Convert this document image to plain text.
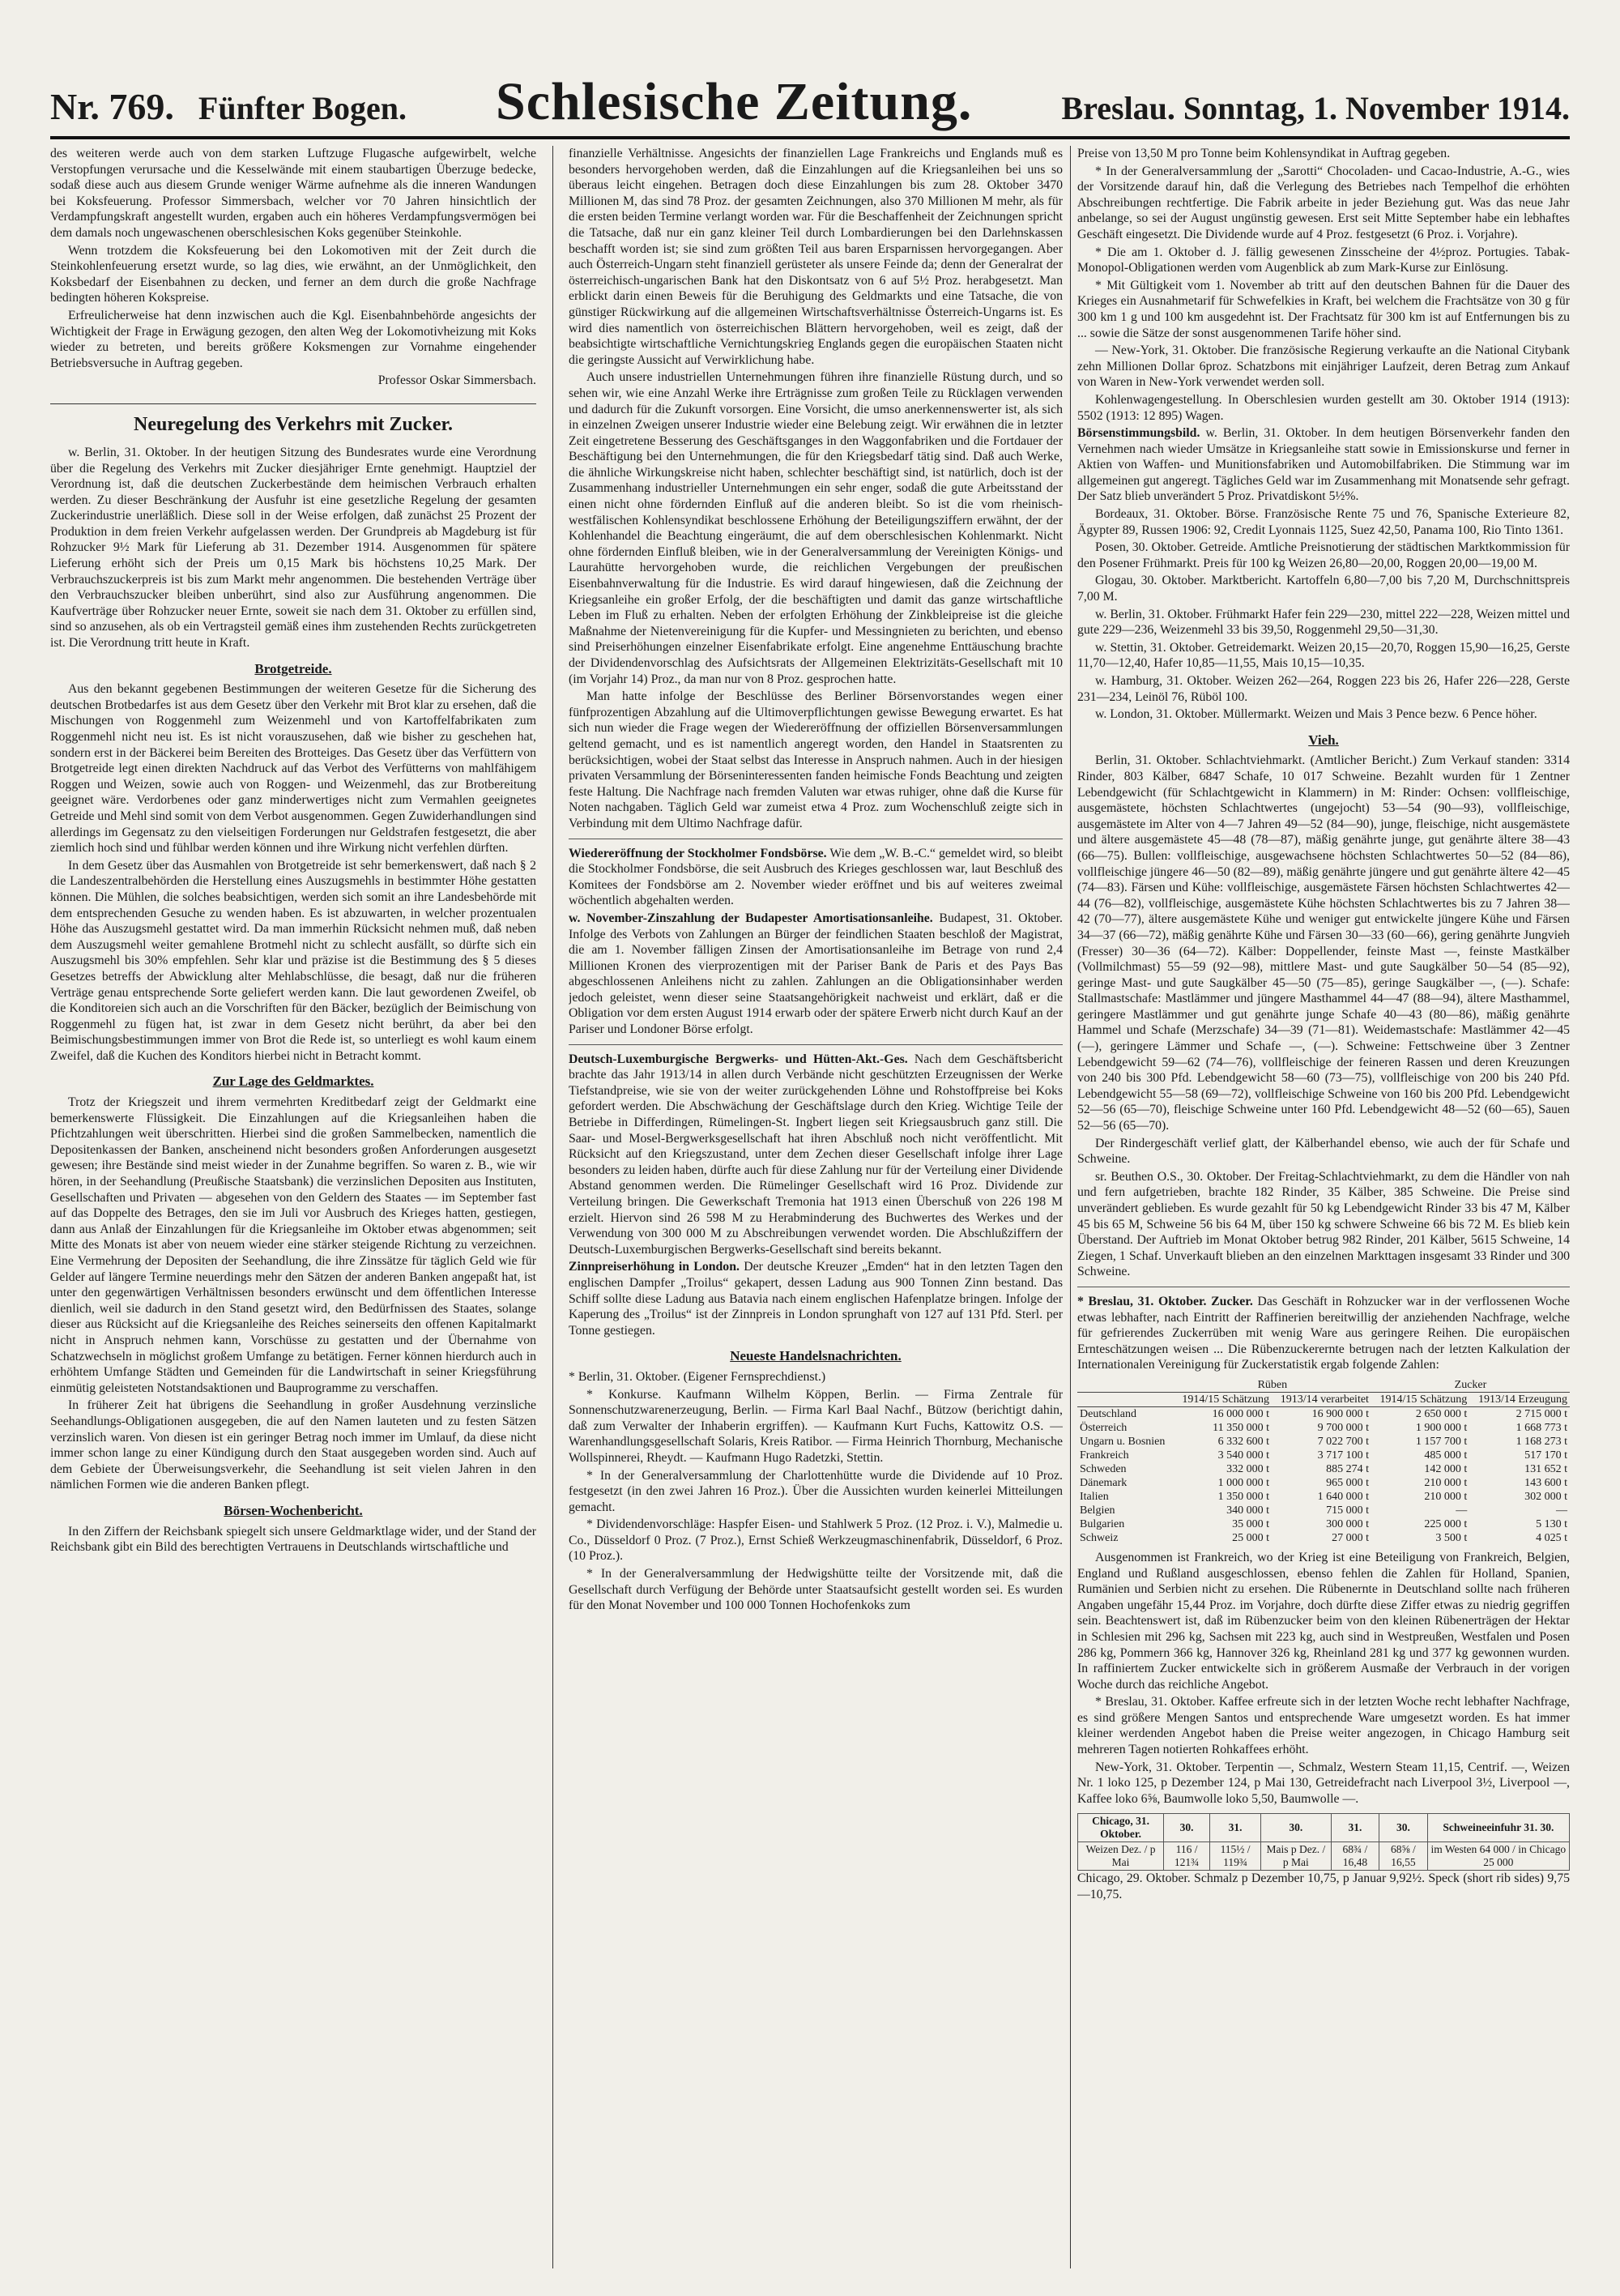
Nr. 769. Fünfter Bogen. Schlesische Zeitung.	Breslau. Sonntag, 1. November 1914.

des weiteren werde auch von dem starken Luftzuge Flugasche aufgewirbelt, welche Verstopfungen verursache und die Kesselwände mit einem staubartigen Überzuge bedecke, sodaß diese auch aus diesem Grunde weniger Wärme aufnehme als die inneren Wandungen bei Koksfeuerung. Professor Simmersbach, welcher vor 70 Jahren hinsichtlich der Verdampfungskraft angestellt wurden, ergaben auch ein höheres Verdampfungsvermögen bei dem damals noch ungewaschenen oberschlesischen Koks gegenüber Steinkohle.

Wenn trotzdem die Koksfeuerung bei den Lokomotiven mit der Zeit durch die Steinkohlenfeuerung ersetzt wurde, so lag dies, wie erwähnt, an der Unmöglichkeit, den Koksbedarf der Eisenbahnen zu decken, und ferner an dem durch die große Nachfrage bedingten höheren Kokspreise.

Erfreulicherweise hat denn inzwischen auch die Kgl. Eisenbahnbehörde angesichts der Wichtigkeit der Frage in Erwägung gezogen, den alten Weg der Lokomotivheizung mit Koks wieder zu betreten, und bereits größere Koksmengen zur Vornahme eingehender Betriebsversuche in Auftrag gegeben.

Professor Oskar Simmersbach.
Neuregelung des Verkehrs mit Zucker.

w. Berlin, 31. Oktober. In der heutigen Sitzung des Bundesrates wurde eine Verordnung über die Regelung des Verkehrs mit Zucker diesjähriger Ernte genehmigt. Hauptziel der Verordnung ist, daß die deutschen Zuckerbestände dem heimischen Verbrauch erhalten werden. Zu dieser Beschränkung der Ausfuhr ist eine gesetzliche Regelung der gesamten Zuckerindustrie unerläßlich. Diese soll in der Weise erfolgen, daß zunächst 25 Prozent der Produktion in dem freien Verkehr aufgelassen werden. Der Grundpreis ab Magdeburg ist für Rohzucker 9½ Mark für Lieferung ab 31. Dezember 1914. Ausgenommen für spätere Lieferung erhöht sich der Preis um 0,15 Mark bis höchstens 10,25 Mark. Der Verbrauchszuckerpreis ist bis zum Markt mehr angenommen. Die bestehenden Verträge über den Verbrauchszucker bleiben unberührt, sind also zur Ausführung angenommen. Die Kaufverträge über Rohzucker neuer Ernte, soweit sie nach dem 31. Oktober zu erfüllen sind, sind so anzusehen, als ob ein Vertragsteil gemäß eines ihm zustehenden Rechts zurückgetreten ist. Die Verordnung tritt heute in Kraft.

Brotgetreide.

Aus den bekannt gegebenen Bestimmungen der weiteren Gesetze für die Sicherung des deutschen Brotbedarfes ist aus dem Gesetz über den Verkehr mit Brot klar zu ersehen, daß die Mischungen von Roggenmehl zum Weizenmehl und von Kartoffelfabrikaten zum Roggenmehl nicht neu ist. Es ist nicht vorauszusehen, daß wie bisher zu geschehen hat, sondern erst in der Bäckerei beim Bereiten des Brotteiges. Das Gesetz über das Verfüttern von Brotgetreide legt einen direkten Nachdruck auf das Verbot des Verfütterns von mahlfähigem Roggen und Weizen, sowie auch von Roggen- und Weizenmehl, das zur Brotbereitung geeignet wäre. Verdorbenes oder ganz minderwertiges nicht zum Vermahlen geeignetes Getreide und Mehl sind somit von dem Verbot ausgenommen. Gegen Zuwiderhandlungen sind allerdings im Gegensatz zu den vielseitigen Forderungen nur Geldstrafen festgesetzt, die aber ziemlich hoch sind und fühlbar werden können und ihre Wirkung nicht verfehlen dürften.

In dem Gesetz über das Ausmahlen von Brotgetreide ist sehr bemerkenswert, daß nach § 2 die Landeszentralbehörden die Herstellung eines Auszugsmehls in bestimmter Höhe gestatten können. Die Mühlen, die solches beabsichtigen, werden sich somit an ihre Landesbehörde mit dem entsprechenden Gesuche zu wenden haben. Es ist abzuwarten, in welcher prozentualen Höhe das Auszugsmehl gestattet wird. Da man immerhin Rücksicht nehmen muß, daß neben dem Auszugsmehl weiter gemahlene Brotmehl nicht zu schlecht ausfällt, so dürfte sich ein Auszugsmehl bis 30% empfehlen. Sehr klar und präzise ist die Bestimmung des § 5 dieses Gesetzes betreffs der Abwicklung alter Mehlabschlüsse, die besagt, daß nur die früheren Verträge genau entsprechende Sorte geliefert werden kann. Die laut gewordenen Zweifel, ob die Konditoreien sich auch an die Vorschriften für den Bäcker, bezüglich der Beimischung von Roggenmehl zu fügen hat, ist zwar in dem Gesetz nicht berührt, da aber bei den Beimischungsbestimmungen immer von Brot die Rede ist, so unterliegt es wohl kaum einem Zweifel, daß die Kuchen des Konditors hierbei nicht in Betracht kommt.

Zur Lage des Geldmarktes.

Trotz der Kriegszeit und ihrem vermehrten Kreditbedarf zeigt der Geldmarkt eine bemerkenswerte Flüssigkeit. Die Einzahlungen auf die Kriegsanleihen haben die Pfichtzahlungen weit überschritten. Hierbei sind die großen Sammelbecken, namentlich die Depositenkassen der Banken, anscheinend nicht besonders großen Anforderungen ausgesetzt gewesen; ihre Bestände sind meist wieder in der Zunahme begriffen. So waren z. B., wie wir hören, in der Seehandlung (Preußische Staatsbank) die verzinslichen Depositen aus Instituten, Gesellschaften und Privaten — abgesehen von den Geldern des Staates — im September fast auf das Doppelte des Betrages, den sie im Juli vor Ausbruch des Krieges hatten, gestiegen, dann aus Anlaß der Einzahlungen für die Kriegsanleihe im Oktober etwas abgenommen; seit Mitte des Monats ist aber von neuem wieder eine stärker steigende Richtung zu verzeichnen. Eine Vermehrung der Depositen der Seehandlung, die ihre Zinssätze für täglich Geld wie für Gelder auf längere Termine neuerdings mehr den Sätzen der anderen Banken angepaßt hat, ist unter den gegenwärtigen Verhältnissen besonders erwünscht und dem öffentlichen Interesse dienlich, weil sie dadurch in den Stand gesetzt wird, den Bedürfnissen des Staates, solange dieser aus Rücksicht auf die Kriegsanleihe des Reiches seinerseits den offenen Kapitalmarkt nicht in Anspruch nehmen kann, Vorschüsse zu gestatten und der Übernahme von Schatzwechseln in möglichst großem Umfange zu betätigen. Ferner können hierdurch auch in erhöhtem Umfange Städten und Gemeinden für die Landwirtschaft in seiner Kriegsführung einmütig geleisteten Notstandsaktionen und Bauprogramme zu verschaffen.

In früherer Zeit hat übrigens die Seehandlung in großer Ausdehnung verzinsliche Seehandlungs-Obligationen ausgegeben, die auf den Namen lauteten und zu festen Sätzen verzinslich waren. Von diesen ist ein geringer Betrag noch immer im Umlauf, da diese nicht immer schon lange zu einer Kündigung durch den Staat ausgegeben worden sind. Auch auf dem Gebiete der Überweisungsverkehr, die Seehandlung ist seit vielen Jahren in den nämlichen Formen wie die anderen Banken pflegt.

Börsen-Wochenbericht.

In den Ziffern der Reichsbank spiegelt sich unsere Geldmarktlage wider, und der Stand der Reichsbank gibt ein Bild des berechtigten Vertrauens in Deutschlands wirtschaftliche und

finanzielle Verhältnisse. Angesichts der finanziellen Lage Frankreichs und Englands muß es besonders hervorgehoben werden, daß die Einzahlungen auf die Kriegsanleihen bei uns so überaus leicht eingehen. Betragen doch diese Einzahlungen bis zum 28. Oktober 3470 Millionen M, das sind 78 Proz. der gesamten Zeichnungen, also 370 Millionen M mehr, als für die ersten beiden Termine verlangt worden war. Für die Beschaffenheit der Zeichnungen spricht die Tatsache, daß nur ein ganz kleiner Teil durch Lombardierungen bei den Darlehnskassen beschafft worden ist; sie sind zum größten Teil aus baren Ersparnissen hervorgegangen. Aber auch Österreich-Ungarn steht finanziell gerüsteter als unsere Feinde da; denn der Generalrat der österreichisch-ungarischen Bank hat den Diskontsatz von 6 auf 5½ Proz. herabgesetzt. Man erblickt darin einen Beweis für die Beruhigung des Geldmarkts und eine Tatsache, die von günstiger Rückwirkung auf die allgemeinen Wirtschaftsverhältnisse Österreich-Ungarns ist. Es wird dies namentlich von österreichischen Blättern hervorgehoben, weil es zeigt, daß der beabsichtigte wirtschaftliche Vernichtungskrieg Englands gegen die europäischen Staaten nicht die geringste Aussicht auf Verwirklichung habe.

Auch unsere industriellen Unternehmungen führen ihre finanzielle Rüstung durch, und so sehen wir, wie eine Anzahl Werke ihre Erträgnisse zum großen Teile zu Rücklagen verwenden und dadurch für die Zukunft vorsorgen. Eine Vorsicht, die umso anerkennenswerter ist, als sich in einzelnen Zweigen unserer Industrie wieder eine Belebung zeigt. Wir erwähnen die in letzter Zeit eingetretene Besserung des Geschäftsganges in den Waggonfabriken und die Fortdauer der Beschäftigung bei den Unternehmungen, die für den Kriegsbedarf tätig sind. Daß auch Werke, die ähnliche Wirkungskreise nicht haben, schlechter beschäftigt sind, ist natürlich, doch ist der Zusammenhang industrieller Unternehmungen ein sehr enger, sodaß die gute Arbeitsstand der einen nicht ohne fördernden Einfluß auf die anderen bleibt. So ist die vom rheinisch-westfälischen Kohlensyndikat beschlossene Erhöhung der Beteiligungsziffern erwähnt, der der Kohlenhandel die Beachtung eingeräumt, die auf dem oberschlesischen Kohlenmarkt. Nicht ohne fördernden Einfluß bleiben, wie in der Generalversammlung der Vereinigten Königs- und Laurahütte hervorgehoben wurde, die reichlichen Vergebungen der preußischen Eisenbahnverwaltung für die Industrie. Es wird darauf hingewiesen, daß die Zeichnung der Kriegsanleihe ein großer Erfolg, der die beschäftigten und damit das ganze wirtschaftliche Leben im Fluß zu erhalten. Neben der erfolgten Erhöhung der Zinkbleipreise ist die gleiche Maßnahme der Nietenvereinigung für die Kupfer- und Messingnieten zu berichten, und ebenso sind Preiserhöhungen einzelner Eisenfabrikate erfolgt. Eine angenehme Enttäuschung brachte der Dividendenvorschlag des Aufsichtsrats der Allgemeinen Elektrizitäts-Gesellschaft mit 10 (im Vorjahr 14) Proz., da man nur von 8 Proz. gesprochen hatte.

Man hatte infolge der Beschlüsse des Berliner Börsenvorstandes wegen einer fünfprozentigen Abzahlung auf die Ultimoverpflichtungen gewisse Bewegung erwartet. Es hat sich nun wieder die Frage wegen der Wiedereröffnung der offiziellen Börsenversammlungen geltend gemacht, und es ist namentlich angeregt worden, den Handel in Staatsrenten zu berücksichtigen, wobei der Staat selbst das Interesse in Anspruch nahmen. Auch in der hiesigen privaten Versammlung der Börseninteressenten fanden heimische Fonds Beachtung und zeigten feste Haltung. Die Nachfrage nach fremden Valuten war etwas ruhiger, ohne daß die Kurse für Noten nachgaben. Täglich Geld war zumeist etwa 4 Proz. zum Wochenschluß zeigte sich in Verbindung mit dem Ultimo Nachfrage dafür.

Wiedereröffnung der Stockholmer Fondsbörse. Wie dem „W. B.-C.“ gemeldet wird, so bleibt die Stockholmer Fondsbörse, die seit Ausbruch des Krieges geschlossen war, laut Beschluß des Komitees der Fondsbörse am 2. November wieder eröffnet und bis auf weiteres zweimal wöchentlich abgehalten werden.

w. November-Zinszahlung der Budapester Amortisationsanleihe. Budapest, 31. Oktober. Infolge des Verbots von Zahlungen an Bürger der feindlichen Staaten beschloß der Magistrat, die am 1. November fälligen Zinsen der Amortisationsanleihe im Betrage von rund 2,4 Millionen Kronen des vierprozentigen mit der Pariser Bank de Paris et des Pays Bas abgeschlossenen Anleihens nicht zu zahlen. Zahlungen an die Obligationsinhaber werden jedoch geleistet, wenn dieser seine Staatsangehörigkeit nachweist und erklärt, daß er die Obligation vor dem ersten August 1914 erwarb oder der spätere Erwerb nicht durch Kauf an der Pariser und Londoner Börse erfolgt.

Deutsch-Luxemburgische Bergwerks- und Hütten-Akt.-Ges. Nach dem Geschäftsbericht brachte das Jahr 1913/14 in allen durch Verbände nicht geschützten Erzeugnissen der Werke Tiefstandpreise, wie sie von der weiter zurückgehenden Löhne und Rohstoffpreise bei Koks gefordert werden. Die Abschwächung der Geschäftslage durch den Krieg. Wichtige Teile der Betriebe in Differdingen, Rümelingen-St. Ingbert liegen seit Kriegsausbruch ganz still. Die Saar- und Mosel-Bergwerksgesellschaft hat ihren Abschluß noch nicht veröffentlicht. Mit Rücksicht auf den Kriegszustand, unter dem Zechen dieser Gesellschaft infolge ihrer Lage besonders zu leiden haben, dürfte auch für diese Zahlung nur für der Verteilung einer Dividende Abstand genommen werden. Die Rümelinger Gesellschaft wird 16 Proz. Dividende zur Verteilung bringen. Die Gewerkschaft Tremonia hat 1913 einen Überschuß von 226 198 M erzielt. Hiervon sind 26 598 M zu Herabminderung des Buchwertes des Werkes und der Verwendung von 300 000 M zu Abschreibungen verwendet worden. Die Abschlußziffern der Deutsch-Luxemburgischen Bergwerks-Gesellschaft sind bereits bekannt.

Zinnpreiserhöhung in London. Der deutsche Kreuzer „Emden“ hat in den letzten Tagen den englischen Dampfer „Troilus“ gekapert, dessen Ladung aus 900 Tonnen Zinn bestand. Das Schiff sollte diese Ladung aus Batavia nach einem englischen Hafenplatze bringen. Infolge der Kaperung des „Troilus“ ist der Zinnpreis in London sprunghaft von 127 auf 131 Pfd. Sterl. per Tonne gestiegen.

Neueste Handelsnachrichten.

* Berlin, 31. Oktober. (Eigener Fernsprechdienst.)

* Konkurse. Kaufmann Wilhelm Köppen, Berlin. — Firma Zentrale für Sonnenschutzwarenerzeugung, Berlin. — Firma Karl Baal Nachf., Bützow (berichtigt dahin, daß zum Verwalter der Inhaberin ergriffen). — Kaufmann Kurt Fuchs, Kattowitz O.S. — Warenhandlungsgesellschaft Solaris, Kreis Ratibor. — Firma Heinrich Thornburg, Mechanische Wollspinnerei, Rheydt. — Kaufmann Hugo Radetzki, Stettin.

* In der Generalversammlung der Charlottenhütte wurde die Dividende auf 10 Proz. festgesetzt (in den zwei Jahren 16 Proz.). Über die Aussichten wurden keinerlei Mitteilungen gemacht.

* Dividendenvorschläge: Haspfer Eisen- und Stahlwerk 5 Proz. (12 Proz. i. V.), Malmedie u. Co., Düsseldorf 0 Proz. (7 Proz.), Ernst Schieß Werkzeugmaschinenfabrik, Düsseldorf, 6 Proz. (10 Proz.).

* In der Generalversammlung der Hedwigshütte teilte der Vorsitzende mit, daß die Gesellschaft durch Verfügung der Behörde unter Staatsaufsicht gestellt worden sei. Es wurden für den Monat November und 100 000 Tonnen Hochofenkoks zum

Preise von 13,50 M pro Tonne beim Kohlensyndikat in Auftrag gegeben.

* In der Generalversammlung der „Sarotti“ Chocoladen- und Cacao-Industrie, A.-G., wies der Vorsitzende darauf hin, daß die Verlegung des Betriebes nach Tempelhof die erhöhten Abschreibungen rechtfertige. Die Fabrik arbeite in jeder Beziehung gut. Was das neue Jahr anbelange, so sei der August ungünstig gewesen. Erst seit Mitte September habe ein lebhaftes Geschäft eingesetzt. Die Dividende wurde auf 4 Proz. festgesetzt (6 Proz. i. Vorjahre).

* Die am 1. Oktober d. J. fällig gewesenen Zinsscheine der 4½proz. Portugies. Tabak-Monopol-Obligationen werden vom Augenblick ab zum Mark-Kurse zur Einlösung.

* Mit Gültigkeit vom 1. November ab tritt auf den deutschen Bahnen für die Dauer des Krieges ein Ausnahmetarif für Schwefelkies in Kraft, bei welchem die Frachtsätze von 30 g für 300 km 1 g und 100 km ausgedehnt ist. Der Frachtsatz für 300 km ist auf Entfernungen bis zu ... sowie die Sätze der sonst ausgenommenen Tarife höher sind.

— New-York, 31. Oktober. Die französische Regierung verkaufte an die National Citybank zehn Millionen Dollar 6proz. Schatzbons mit einjähriger Laufzeit, deren Betrag zum Ankauf von Waren in New-York verwendet werden soll.

Kohlenwagengestellung. In Oberschlesien wurden gestellt am 30. Oktober 1914 (1913): 5502 (1913: 12 895) Wagen.

Börsenstimmungsbild. w. Berlin, 31. Oktober. In dem heutigen Börsenverkehr fanden den Vernehmen nach wieder Umsätze in Kriegsanleihe statt sowie in Emissionskurse und ferner in Aktien von Waffen- und Munitionsfabriken und Automobilfabriken. Die Stimmung war im allgemeinen gut angeregt. Tägliches Geld war im Zusammenhang mit Monatsende sehr gefragt. Der Satz blieb unverändert 5 Proz. Privatdiskont 5½%.

Bordeaux, 31. Oktober. Börse. Französische Rente 75 und 76, Spanische Exterieure 82, Ägypter 89, Russen 1906: 92, Credit Lyonnais 1125, Suez 42,50, Panama 100, Rio Tinto 1361.

Posen, 30. Oktober. Getreide. Amtliche Preisnotierung der städtischen Marktkommission für den Posener Frühmarkt. Preis für 100 kg Weizen 26,80—20,00, Roggen 20,00—19,00 M.

Glogau, 30. Oktober. Marktbericht. Kartoffeln 6,80—7,00 bis 7,20 M, Durchschnittspreis 7,00 M.

w. Berlin, 31. Oktober. Frühmarkt Hafer fein 229—230, mittel 222—228, Weizen mittel und gute 229—236, Weizenmehl 33 bis 39,50, Roggenmehl 29,50—31,30.

w. Stettin, 31. Oktober. Getreidemarkt. Weizen 20,15—20,70, Roggen 15,90—16,25, Gerste 11,70—12,40, Hafer 10,85—11,55, Mais 10,15—10,35.

w. Hamburg, 31. Oktober. Weizen 262—264, Roggen 223 bis 26, Hafer 226—228, Gerste 231—234, Leinöl 76, Rüböl 100.

w. London, 31. Oktober. Müllermarkt. Weizen und Mais 3 Pence bezw. 6 Pence höher.

Vieh.

Berlin, 31. Oktober. Schlachtviehmarkt. (Amtlicher Bericht.) Zum Verkauf standen: 3314 Rinder, 803 Kälber, 6847 Schafe, 10 017 Schweine. Bezahlt wurden für 1 Zentner Lebendgewicht (für Schlachtgewicht in Klammern) in M: Rinder: Ochsen: vollfleischige, ausgemästete, höchsten Schlachtwertes (ungejocht) 53—54 (90—93), vollfleischige, ausgemästete im Alter von 4—7 Jahren 49—52 (84—90), junge, fleischige, nicht ausgemästete und ältere ausgemästete 45—48 (78—87), mäßig genährte junge, gut genährte ältere 38—43 (66—75). Bullen: vollfleischige, ausgewachsene höchsten Schlachtwertes 50—52 (84—86), vollfleischige jüngere 46—50 (82—89), mäßig genährte jüngere und gut genährte ältere 42—45 (74—83). Färsen und Kühe: vollfleischige, ausgemästete Färsen höchsten Schlachtwertes 42—44 (76—82), vollfleischige, ausgemästete Kühe höchsten Schlachtwertes bis zu 7 Jahren 38—42 (70—77), ältere ausgemästete Kühe und weniger gut entwickelte jüngere Kühe und Färsen 34—37 (66—72), mäßig genährte Kühe und Färsen 30—33 (60—66), gering genährte Jungvieh (Fresser) 30—36 (64—72). Kälber: Doppellender, feinste Mast —, feinste Mastkälber (Vollmilchmast) 55—59 (92—98), mittlere Mast- und gute Saugkälber 50—54 (85—92), geringe Mast- und gute Saugkälber 45—50 (75—85), geringe Saugkälber —, (—). Schafe: Stallmastschafe: Mastlämmer und jüngere Masthammel 44—47 (88—94), ältere Masthammel, geringere Mastlämmer und gut genährte junge Schafe 40—43 (80—86), mäßig genährte Hammel und Schafe (Merzschafe) 34—39 (71—81). Weidemastschafe: Mastlämmer 42—45 (—), geringere Lämmer und Schafe —, (—). Schweine: Fettschweine über 3 Zentner Lebendgewicht 59—62 (74—76), vollfleischige der feineren Rassen und deren Kreuzungen von 240 bis 300 Pfd. Lebendgewicht 58—60 (73—75), vollfleischige von 200 bis 240 Pfd. Lebendgewicht 55—58 (69—72), vollfleischige Schweine von 160 bis 200 Pfd. Lebendgewicht 52—56 (65—70), fleischige Schweine unter 160 Pfd. Lebendgewicht 48—52 (60—65), Sauen 52—56 (65—70).

Der Rindergeschäft verlief glatt, der Kälberhandel ebenso, wie auch der für Schafe und Schweine.

sr. Beuthen O.S., 30. Oktober. Der Freitag-Schlachtviehmarkt, zu dem die Händler von nah und fern aufgetrieben, brachte 182 Rinder, 35 Kälber, 385 Schweine. Die Preise sind unverändert geblieben. Es wurde gezahlt für 50 kg Lebendgewicht Rinder 33 bis 47 M, Kälber 45 bis 65 M, Schweine 56 bis 64 M, über 150 kg schwere Schweine 66 bis 72 M. Es blieb kein Überstand. Der Auftrieb im Monat Oktober betrug 982 Rinder, 201 Kälber, 5615 Schweine, 14 Ziegen, 1 Schaf. Unverkauft blieben an den einzelnen Markttagen insgesamt 33 Rinder und 300 Schweine.

* Breslau, 31. Oktober. Zucker. Das Geschäft in Rohzucker war in der verflossenen Woche etwas lebhafter, nach Eintritt der Raffinerien bereitwillig der anziehenden Nachfrage, welche für gefrierendes Zuckerrüben mit wenig Ware aus geringere Reihen. Die europäischen Ernteschätzungen weisen ... Die Rübenzuckerernte betrugen nach der letzten Kalkulation der Internationalen Vereinigung für Zuckerstatistik ergab folgende Zahlen:

	Rüben		Zucker	
	1914/15 Schätzung	1913/14 verarbeitet	1914/15 Schätzung	1913/14 Erzeugung
Deutschland	16 000 000 t	16 900 000 t	2 650 000 t	2 715 000 t
Österreich	11 350 000 t	9 700 000 t	1 900 000 t	1 668 773 t
Ungarn u. Bosnien	6 332 600 t	7 022 700 t	1 157 700 t	1 168 273 t
Frankreich	3 540 000 t	3 717 100 t	485 000 t	517 170 t
Schweden	332 000 t	885 274 t	142 000 t	131 652 t
Dänemark	1 000 000 t	965 000 t	210 000 t	143 600 t
Italien	1 350 000 t	1 640 000 t	210 000 t	302 000 t
Belgien	340 000 t	715 000 t	—	—
Bulgarien	35 000 t	300 000 t	225 000 t	5 130 t
Schweiz	25 000 t	27 000 t	3 500 t	4 025 t

Ausgenommen ist Frankreich, wo der Krieg ist eine Beteiligung von Frankreich, Belgien, England und Rußland ausgeschlossen, ebenso fehlen die Zahlen für Holland, Spanien, Rumänien und Serbien nicht zu ersehen. Die Rübenernte in Deutschland sollte nach früheren Angaben ungefähr 15,44 Proz. im Vorjahre, doch dürfte diese Ziffer etwas zu niedrig gegriffen sein. Beachtenswert ist, daß im Rübenzucker beim von den kleinen Rübenerträgen der Hektar in Schlesien mit 296 kg, Sachsen mit 223 kg, auch sind in Westpreußen, Westfalen und Posen 286 kg, Pommern 366 kg, Hannover 326 kg, Rheinland 281 kg und 377 kg gewonnen wurden. In raffiniertem Zucker entwickelte sich in größerem Ausmaße der Verbrauch in der vorigen Woche durch das reichliche Angebot.

* Breslau, 31. Oktober. Kaffee erfreute sich in der letzten Woche recht lebhafter Nachfrage, es sind größere Mengen Santos und entsprechende Ware umgesetzt worden. Es hat immer kleiner werdenden Angebot haben die Preise weiter angezogen, in Chicago Hamburg seit mehreren Tagen notierten Rohkaffees erhöht.

New-York, 31. Oktober. Terpentin —, Schmalz, Western Steam 11,15, Centrif. —, Weizen Nr. 1 loko 125, p Dezember 124, p Mai 130, Getreidefracht nach Liverpool 3½, Liverpool —, Kaffee loko 6⅝, Baumwolle loko 5,50, Baumwolle —.

Chicago, 31. Oktober.	30.	31.	30.	31.	30.	Schweineeinfuhr 31. 30.
Weizen Dez. / p Mai	116 / 121¾	115½ / 119¾	Mais p Dez. / p Mai	68¾ / 16,48	68⅝ / 16,55	im Westen 64 000 / in Chicago 25 000

Chicago, 29. Oktober. Schmalz p Dezember 10,75, p Januar 9,92½. Speck (short rib sides) 9,75—10,75.
